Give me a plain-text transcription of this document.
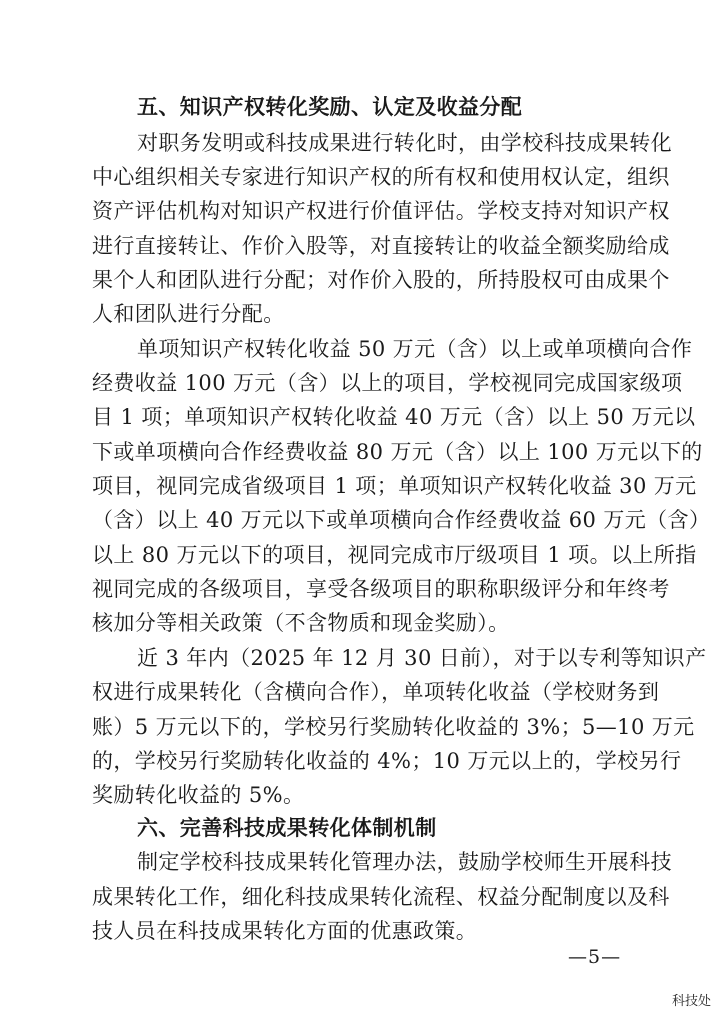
五、知识产权转化奖励、认定及收益分配
对职务发明或科技成果进行转化时，由学校科技成果转化
中心组织相关专家进行知识产权的所有权和使用权认定，组织
资产评估机构对知识产权进行价值评估。学校支持对知识产权
进行直接转让、作价入股等，对直接转让的收益全额奖励给成
果个人和团队进行分配；对作价入股的，所持股权可由成果个
人和团队进行分配。
单项知识产权转化收益 50 万元（含）以上或单项横向合作
经费收益 100 万元（含）以上的项目，学校视同完成国家级项
目 1 项；单项知识产权转化收益 40 万元（含）以上 50 万元以
下或单项横向合作经费收益 80 万元（含）以上 100 万元以下的
项目，视同完成省级项目 1 项；单项知识产权转化收益 30 万元
（含）以上 40 万元以下或单项横向合作经费收益 60 万元（含）
以上 80 万元以下的项目，视同完成市厅级项目 1 项。以上所指
视同完成的各级项目，享受各级项目的职称职级评分和年终考
核加分等相关政策（不含物质和现金奖励）。
近 3 年内（2025 年 12 月 30 日前），对于以专利等知识产
权进行成果转化（含横向合作），单项转化收益（学校财务到
账）5 万元以下的，学校另行奖励转化收益的 3%；5—10 万元
的，学校另行奖励转化收益的 4%；10 万元以上的，学校另行
奖励转化收益的 5%。
六、完善科技成果转化体制机制
制定学校科技成果转化管理办法，鼓励学校师生开展科技
成果转化工作，细化科技成果转化流程、权益分配制度以及科
技人员在科技成果转化方面的优惠政策。
—5—
科技处
